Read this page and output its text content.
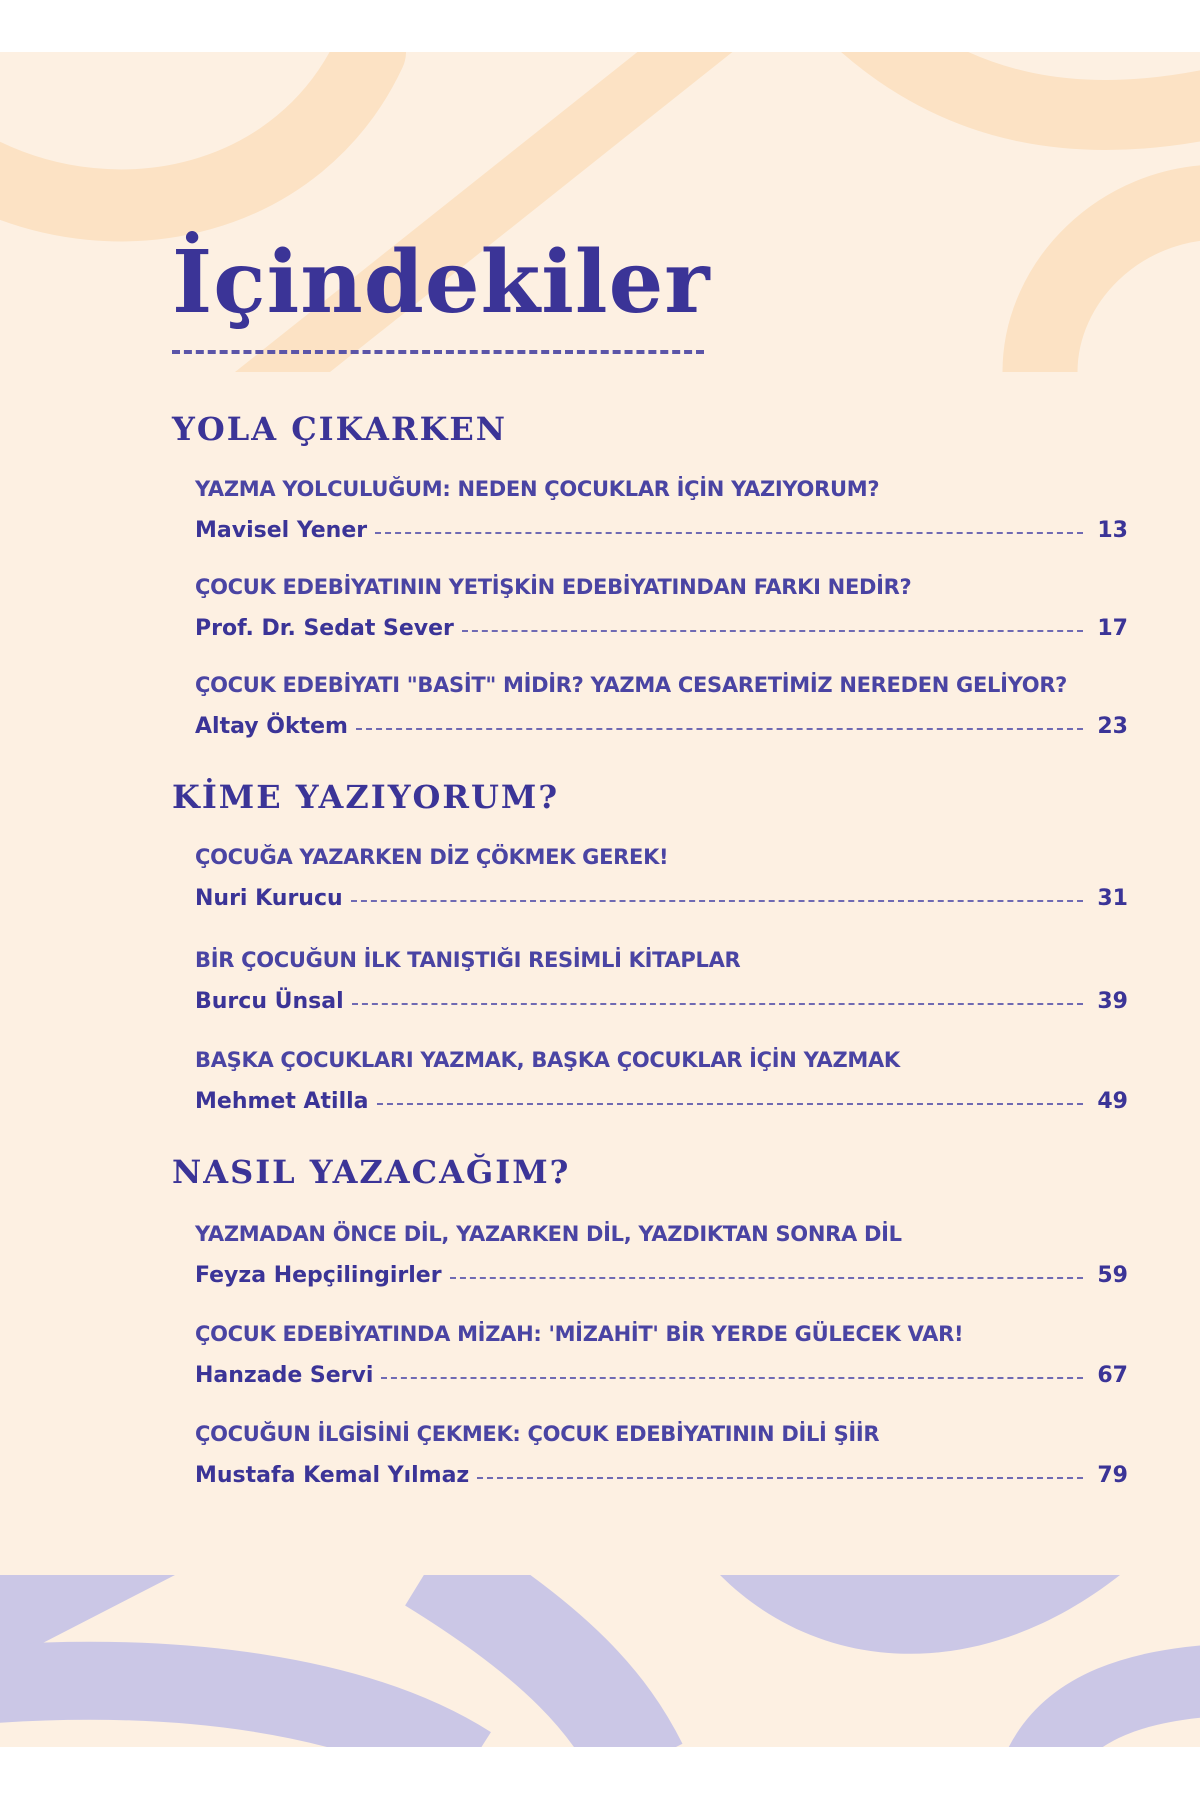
İçindekiler
YOLA ÇIKARKEN
YAZMA YOLCULUĞUM: NEDEN ÇOCUKLAR İÇİN YAZIYORUM?
Mavisel Yener	13
ÇOCUK EDEBİYATININ YETİŞKİN EDEBİYATINDAN FARKI NEDİR?
Prof. Dr. Sedat Sever	17
ÇOCUK EDEBİYATI "BASİT" MİDİR? YAZMA CESARETİMİZ NEREDEN GELİYOR?
Altay Öktem	23
KİME YAZIYORUM?
ÇOCUĞA YAZARKEN DİZ ÇÖKMEK GEREK!
Nuri Kurucu	31
BİR ÇOCUĞUN İLK TANIŞTIĞI RESİMLİ KİTAPLAR
Burcu Ünsal	39
BAŞKA ÇOCUKLARI YAZMAK, BAŞKA ÇOCUKLAR İÇİN YAZMAK
Mehmet Atilla	49
NASIL YAZACAĞIM?
YAZMADAN ÖNCE DİL, YAZARKEN DİL, YAZDIKTAN SONRA DİL
Feyza Hepçilingirler	59
ÇOCUK EDEBİYATINDA MİZAH: 'MİZAHİT' BİR YERDE GÜLECEK VAR!
Hanzade Servi	67
ÇOCUĞUN İLGİSİNİ ÇEKMEK: ÇOCUK EDEBİYATININ DİLİ ŞİİR
Mustafa Kemal Yılmaz	79
